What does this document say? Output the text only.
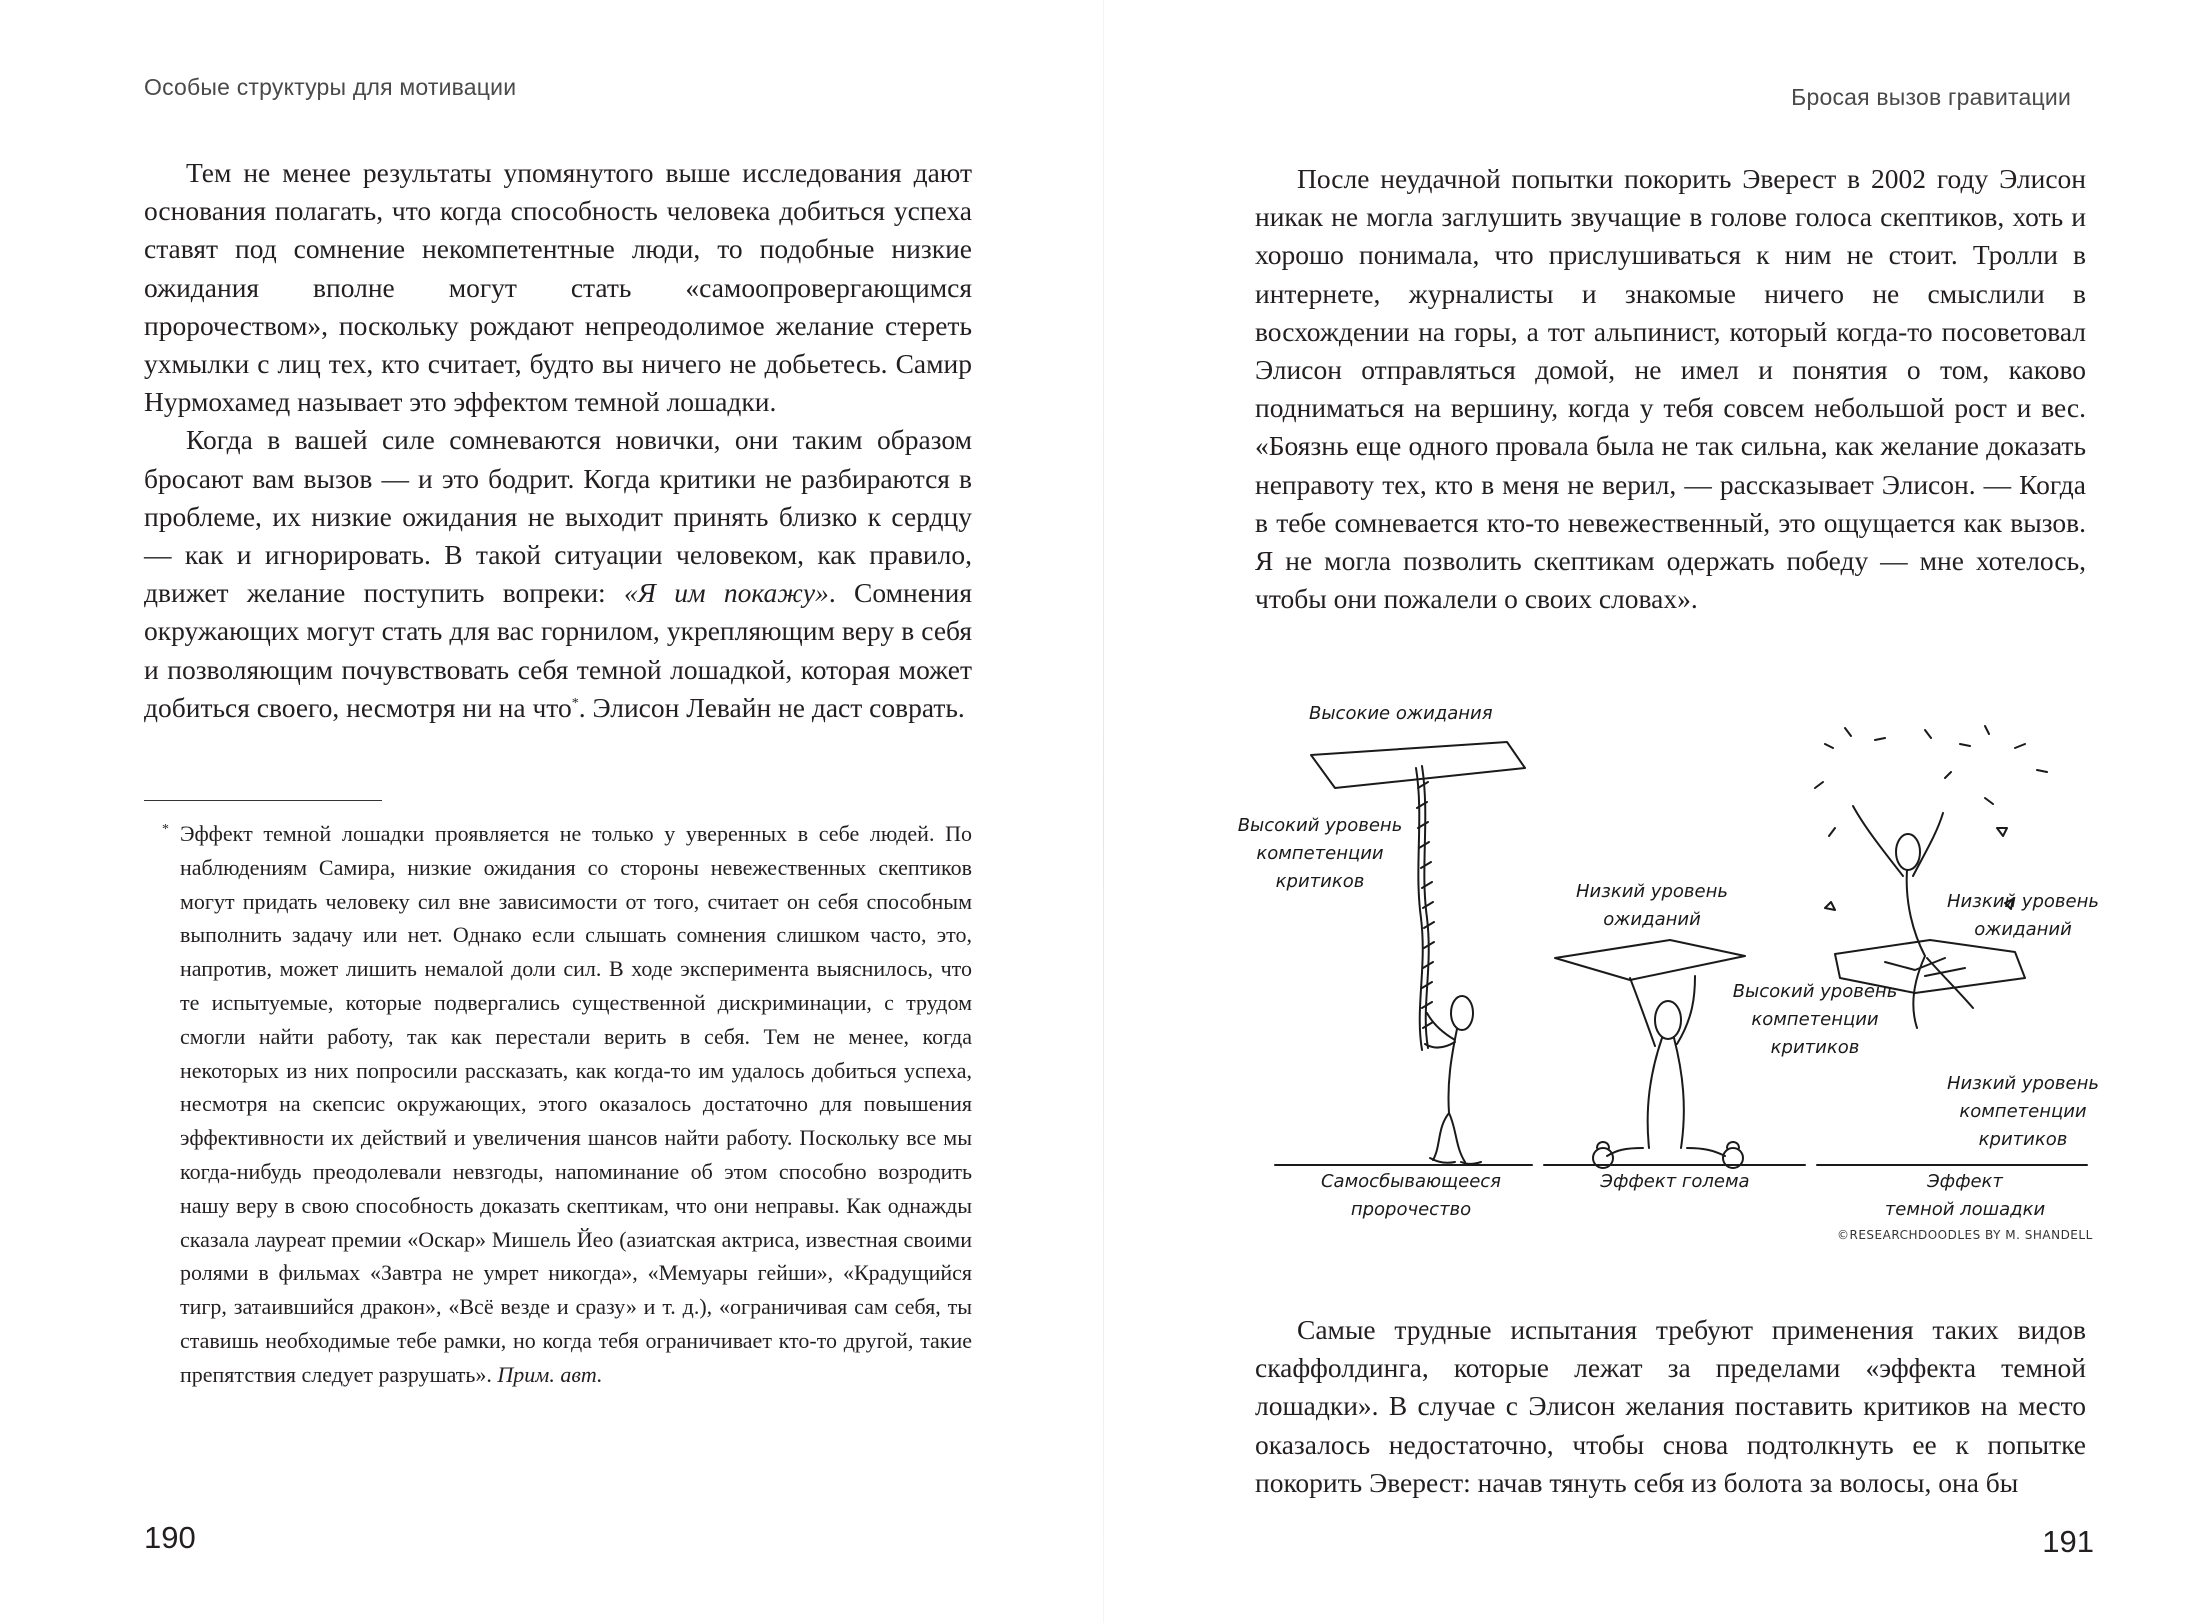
Особые структуры для мотивации

Тем не менее результаты упомянутого выше исследования дают основания полагать, что когда способность человека добиться успеха ставят под сомнение некомпетентные люди, то подобные низкие ожидания вполне могут стать «самоопровергающимся пророчеством», поскольку рождают непреодолимое желание стереть ухмылки с лиц тех, кто считает, будто вы ничего не добьетесь. Самир Нурмохамед называет это эффектом темной лошадки.

Когда в вашей силе сомневаются новички, они таким образом бросают вам вызов — и это бодрит. Когда критики не разбираются в проблеме, их низкие ожидания не выходит принять близко к сердцу — как и игнорировать. В такой ситуации человеком, как правило, движет желание поступить вопреки: «Я им покажу». Сомнения окружающих могут стать для вас горнилом, укрепляющим веру в себя и позволяющим почувствовать себя темной лошадкой, которая может добиться своего, несмотря ни на что*. Элисон Левайн не даст соврать.

* Эффект темной лошадки проявляется не только у уверенных в себе людей. По наблюдениям Самира, низкие ожидания со стороны невежественных скептиков могут придать человеку сил вне зависимости от того, считает он себя способным выполнить задачу или нет. Однако если слышать сомнения слишком часто, это, напротив, может лишить немалой доли сил. В ходе эксперимента выяснилось, что те испытуемые, которые подвергались существенной дискриминации, с трудом смогли найти работу, так как перестали верить в себя. Тем не менее, когда некоторых из них попросили рассказать, как когда-то им удалось добиться успеха, несмотря на скепсис окружающих, этого оказалось достаточно для повышения эффективности их действий и увеличения шансов найти работу. Поскольку все мы когда-нибудь преодолевали невзгоды, напоминание об этом способно возродить нашу веру в свою способность доказать скептикам, что они неправы. Как однажды сказала лауреат премии «Оскар» Мишель Йео (азиатская актриса, известная своими ролями в фильмах «Завтра не умрет никогда», «Мемуары гейши», «Крадущийся тигр, затаившийся дракон», «Всё везде и сразу» и т. д.), «ограничивая сам себя, ты ставишь необходимые тебе рамки, но когда тебя ограничивает кто-то другой, такие препятствия следует разрушать». Прим. авт.
190
Бросая вызов гравитации

После неудачной попытки покорить Эверест в 2002 году Элисон никак не могла заглушить звучащие в голове голоса скептиков, хоть и хорошо понимала, что прислушиваться к ним не стоит. Тролли в интернете, журналисты и знакомые ничего не смыслили в восхождении на горы, а тот альпинист, который когда-то посоветовал Элисон отправляться домой, не имел и понятия о том, каково подниматься на вершину, когда у тебя совсем небольшой рост и вес. «Боязнь еще одного провала была не так сильна, как желание доказать неправоту тех, кто в меня не верил, — рассказывает Элисон. — Когда в тебе сомневается кто-то невежественный, это ощущается как вызов. Я не могла позволить скептикам одержать победу — мне хотелось, чтобы они пожалели о своих словах».

Высокие ожидания
Высокий уровень
компетенции
критиков
Самосбывающееся
пророчество
Низкий уровень
ожиданий
Высокий уровень
компетенции
критиков
Эффект голема
Низкий уровень
ожиданий
Низкий уровень
компетенции
критиков
Эффект
темной лошадки
©RESEARCHDOODLES BY M. SHANDELL

Самые трудные испытания требуют применения таких видов скаффолдинга, которые лежат за пределами «эффекта темной лошадки». В случае с Элисон желания поставить критиков на место оказалось недостаточно, чтобы снова подтолкнуть ее к попытке покорить Эверест: начав тянуть себя из болота за волосы, она бы

191
